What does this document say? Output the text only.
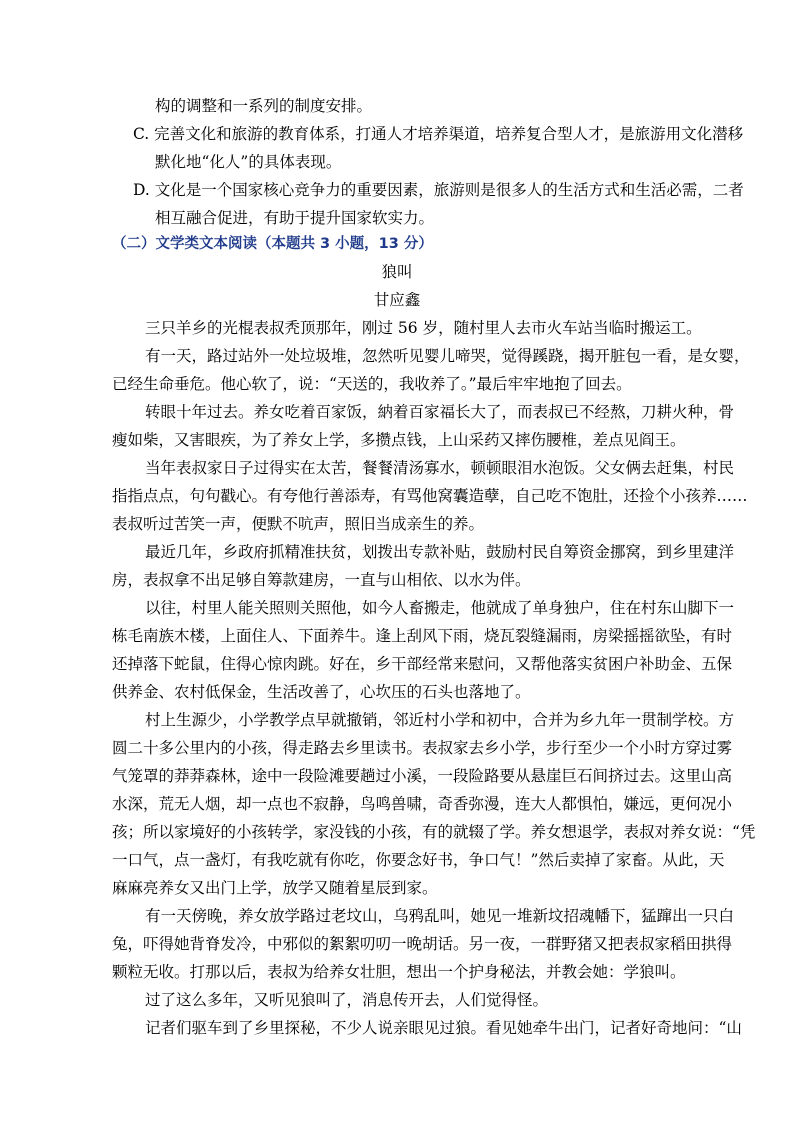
构的调整和一系列的制度安排。
C. 完善文化和旅游的教育体系，打通人才培养渠道，培养复合型人才，是旅游用文化潜移
默化地“化人”的具体表现。
D. 文化是一个国家核心竞争力的重要因素，旅游则是很多人的生活方式和生活必需，二者
相互融合促进，有助于提升国家软实力。
（二）文学类文本阅读（本题共 3 小题，13 分）
狼叫
甘应鑫
三只羊乡的光棍表叔秃顶那年，刚过 56 岁，随村里人去市火车站当临时搬运工。
有一天，路过站外一处垃圾堆，忽然听见婴儿啼哭，觉得蹊跷，揭开脏包一看，是女婴，
已经生命垂危。他心软了，说：“天送的，我收养了。”最后牢牢地抱了回去。
转眼十年过去。养女吃着百家饭，納着百家福长大了，而表叔已不经熬，刀耕火种，骨
瘦如柴，又害眼疾，为了养女上学，多攒点钱，上山采药又摔伤腰椎，差点见阎王。
当年表叔家日子过得实在太苦，餐餐清汤寡水，顿顿眼泪水泡饭。父女俩去赶集，村民
指指点点，句句戳心。有夸他行善添寿，有骂他窝囊造孽，自己吃不饱肚，还捡个小孩养……
表叔听过苦笑一声，便默不吭声，照旧当成亲生的养。
最近几年，乡政府抓精准扶贫，划拨出专款补贴，鼓励村民自筹资金挪窝，到乡里建洋
房，表叔拿不出足够自筹款建房，一直与山相依、以水为伴。
以往，村里人能关照则关照他，如今人畜搬走，他就成了单身独户，住在村东山脚下一
栋毛南族木楼，上面住人、下面养牛。逢上刮风下雨，烧瓦裂缝漏雨，房梁摇摇欲坠，有时
还掉落下蛇鼠，住得心惊肉跳。好在，乡干部经常来慰问，又帮他落实贫困户补助金、五保
供养金、农村低保金，生活改善了，心坎压的石头也落地了。
村上生源少，小学教学点早就撤销，邻近村小学和初中，合并为乡九年一贯制学校。方
圆二十多公里内的小孩，得走路去乡里读书。表叔家去乡小学，步行至少一个小时方穿过雾
气笼罩的莽莽森林，途中一段险滩要趟过小溪，一段险路要从悬崖巨石间挤过去。这里山高
水深，荒无人烟，却一点也不寂静，鸟鸣兽啸，奇香弥漫，连大人都惧怕，嫌远，更何况小
孩；所以家境好的小孩转学，家没钱的小孩，有的就辍了学。养女想退学，表叔对养女说：“凭
一口气，点一盏灯，有我吃就有你吃，你要念好书，争口气！”然后卖掉了家畜。从此，天
麻麻亮养女又出门上学，放学又随着星辰到家。
有一天傍晚，养女放学路过老坟山，乌鸦乱叫，她见一堆新坟招魂幡下，猛蹿出一只白
兔，吓得她背脊发冷，中邪似的絮絮叨叨一晚胡话。另一夜，一群野猪又把表叔家稻田拱得
颗粒无收。打那以后，表叔为给养女壮胆，想出一个护身秘法，并教会她：学狼叫。
过了这么多年，又听见狼叫了，消息传开去，人们觉得怪。
记者们驱车到了乡里探秘，不少人说亲眼见过狼。看见她牵牛出门，记者好奇地问：“山
